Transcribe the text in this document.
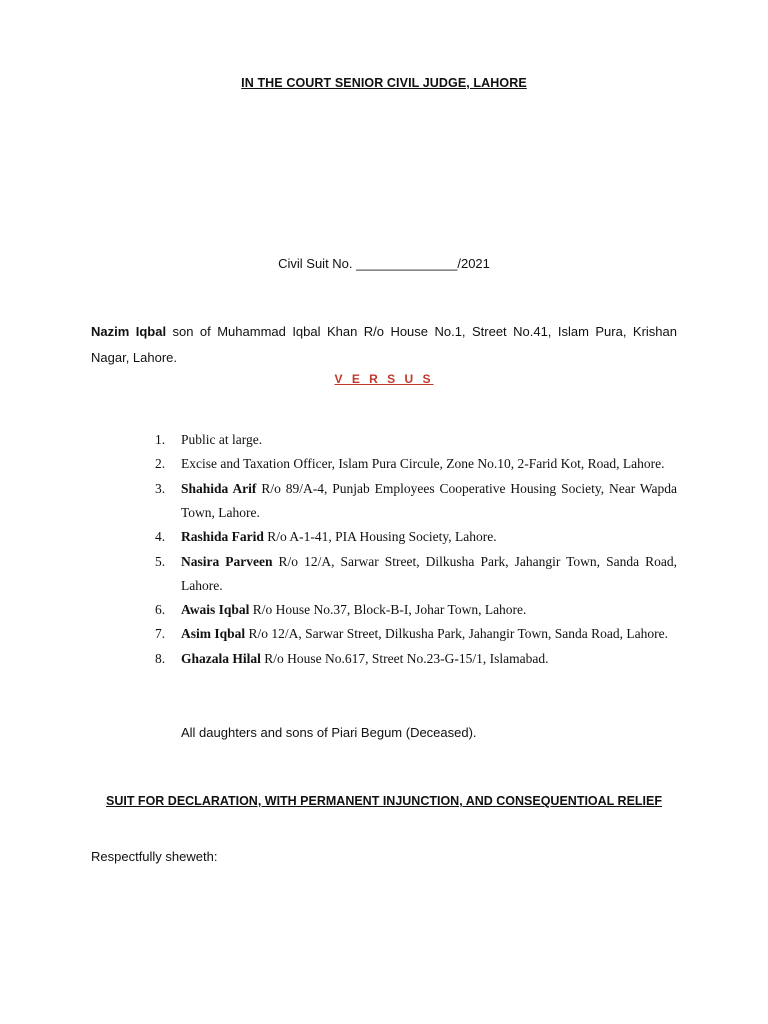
IN THE COURT SENIOR CIVIL JUDGE, LAHORE
Civil Suit No. ______________/2021
Nazim Iqbal son of Muhammad Iqbal Khan R/o House No.1, Street No.41, Islam Pura, Krishan Nagar, Lahore.
V E R S U S
1.	Public at large.
2.	Excise and Taxation Officer, Islam Pura Circule, Zone No.10, 2-Farid Kot, Road, Lahore.
3.	Shahida Arif R/o 89/A-4, Punjab Employees Cooperative Housing Society, Near Wapda Town, Lahore.
4.	Rashida Farid R/o A-1-41, PIA Housing Society, Lahore.
5.	Nasira Parveen R/o 12/A, Sarwar Street, Dilkusha Park, Jahangir Town, Sanda Road, Lahore.
6.	Awais Iqbal R/o House No.37, Block-B-I, Johar Town, Lahore.
7.	Asim Iqbal R/o 12/A, Sarwar Street, Dilkusha Park, Jahangir Town, Sanda Road, Lahore.
8.	Ghazala Hilal R/o House No.617, Street No.23-G-15/1, Islamabad.
All daughters and sons of Piari Begum (Deceased).
SUIT FOR DECLARATION, WITH PERMANENT INJUNCTION, AND CONSEQUENTIOAL RELIEF
Respectfully sheweth:
